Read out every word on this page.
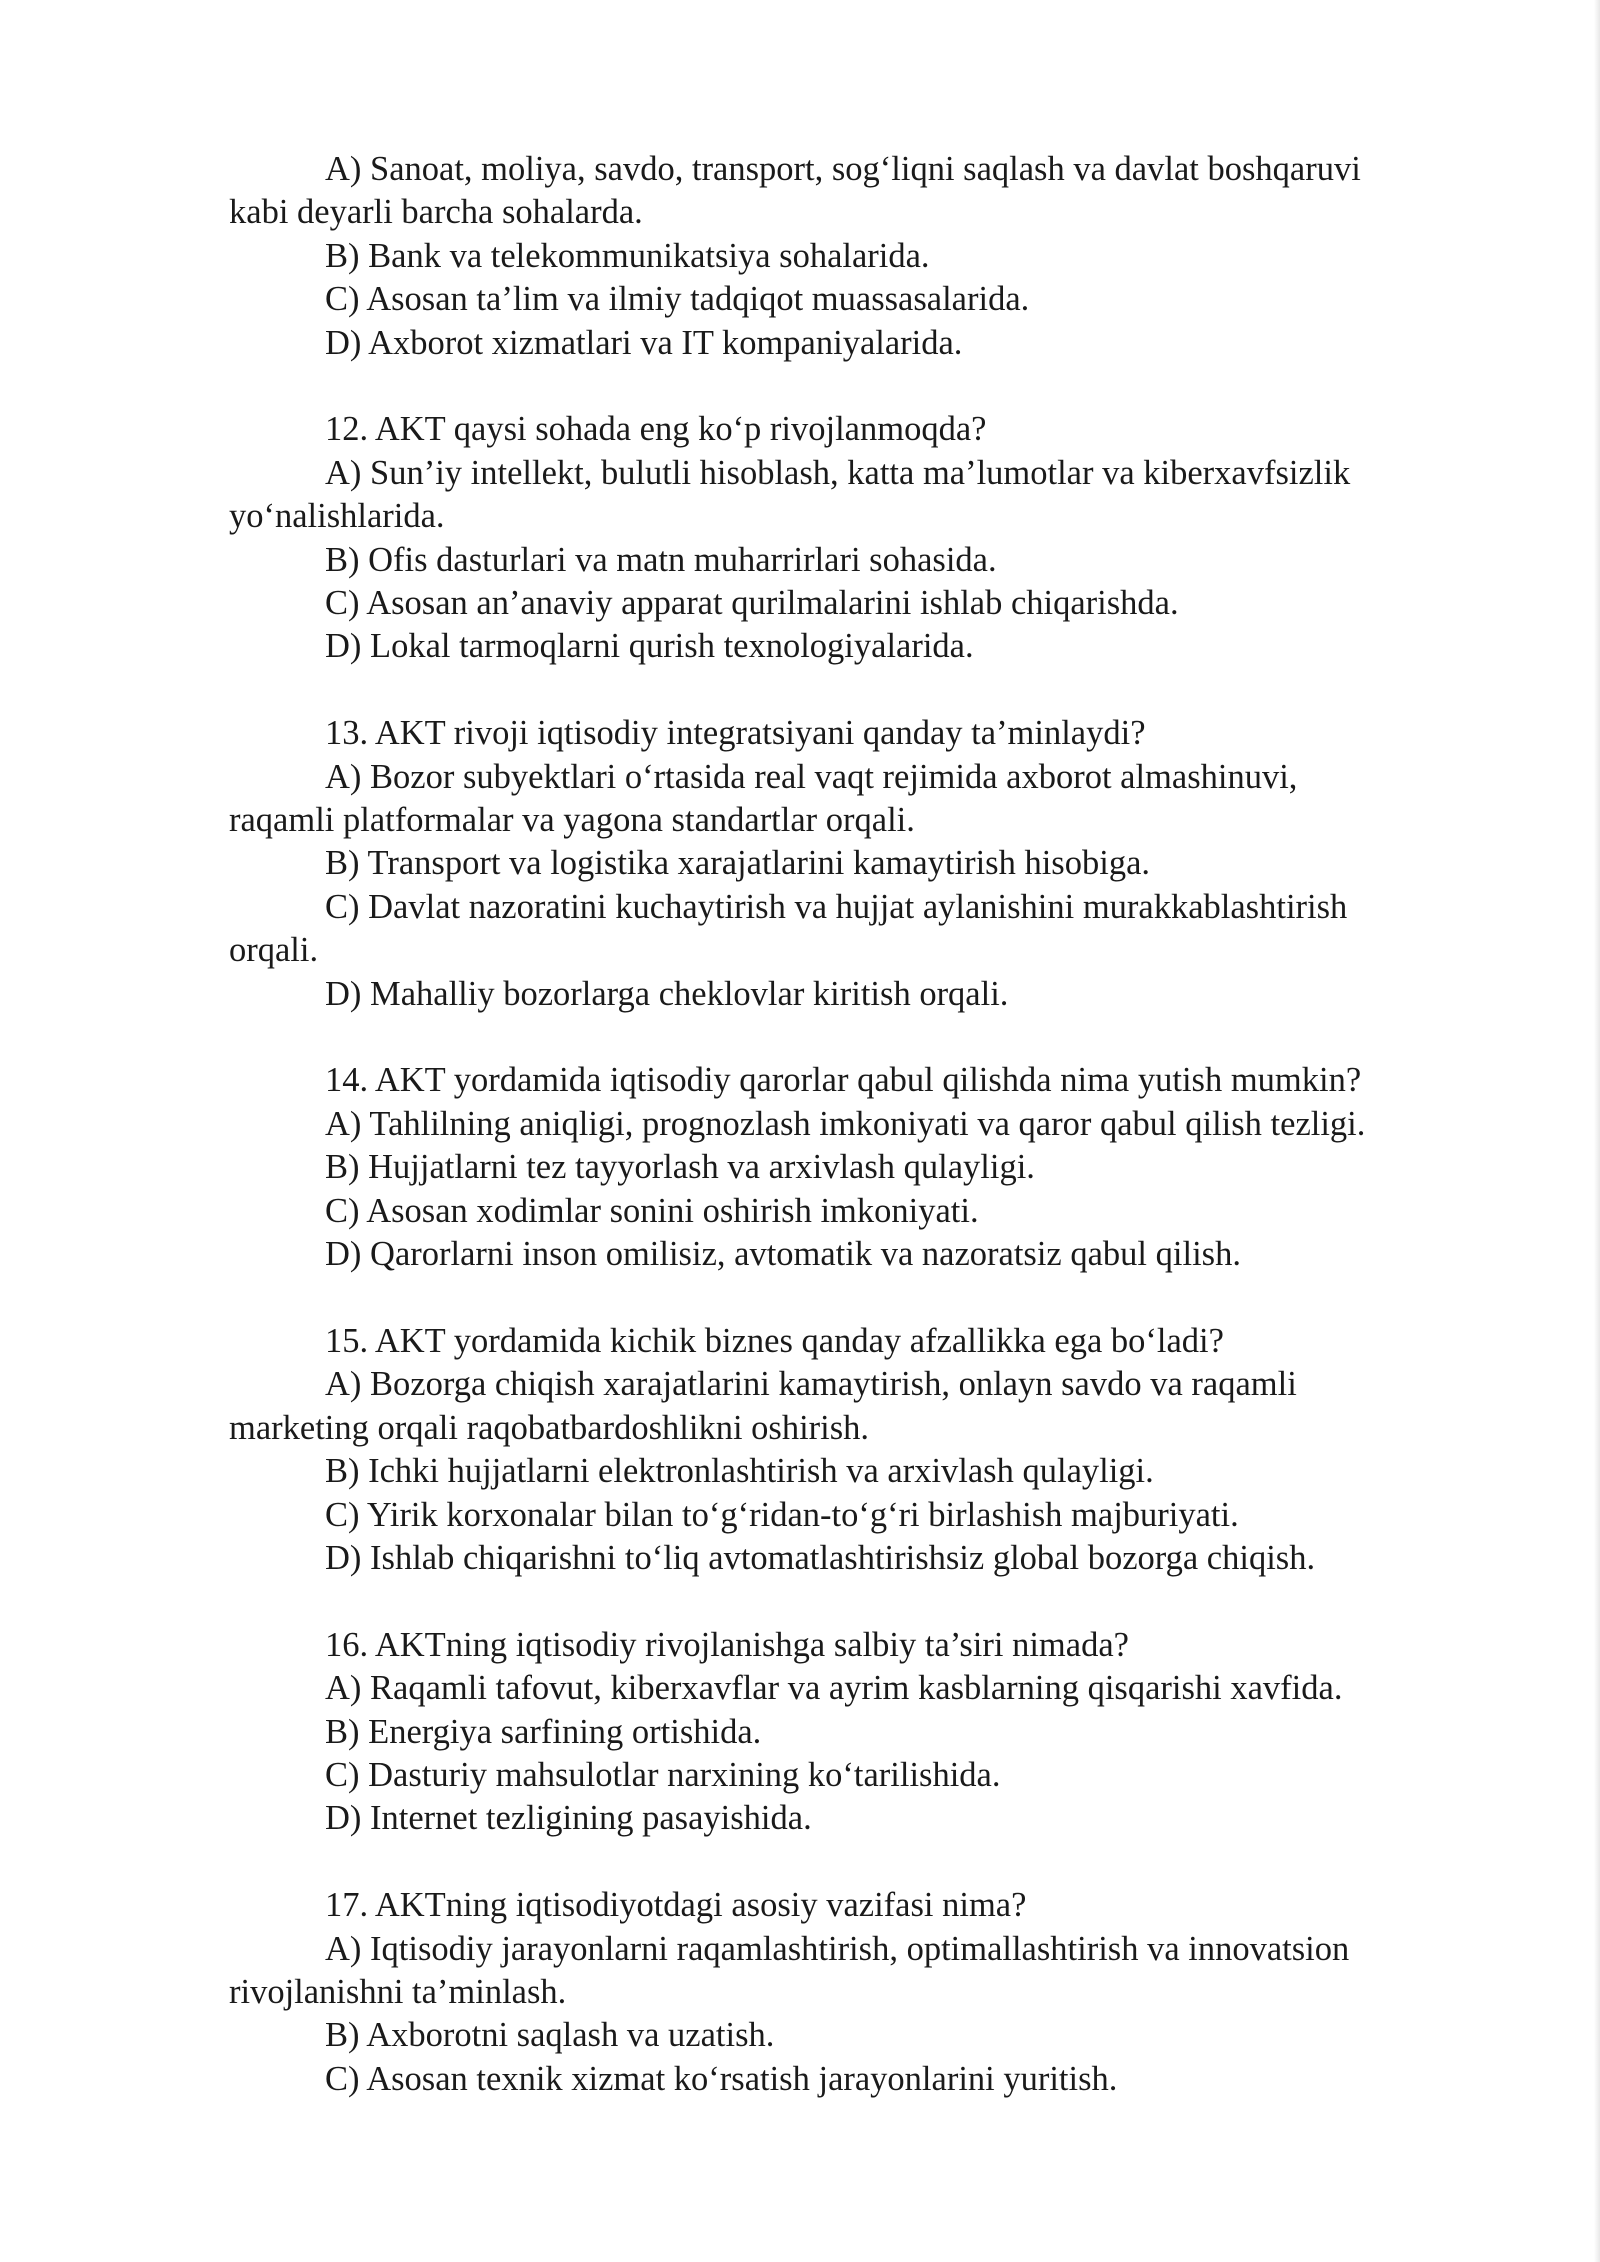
A) Sanoat, moliya, savdo, transport, sog‘liqni saqlash va davlat boshqaruvi

kabi deyarli barcha sohalarda.

B) Bank va telekommunikatsiya sohalarida.

C) Asosan ta’lim va ilmiy tadqiqot muassasalarida.

D) Axborot xizmatlari va IT kompaniyalarida.

12. AKT qaysi sohada eng ko‘p rivojlanmoqda?

A) Sun’iy intellekt, bulutli hisoblash, katta ma’lumotlar va kiberxavfsizlik

yo‘nalishlarida.

B) Ofis dasturlari va matn muharrirlari sohasida.

C) Asosan an’anaviy apparat qurilmalarini ishlab chiqarishda.

D) Lokal tarmoqlarni qurish texnologiyalarida.

13. AKT rivoji iqtisodiy integratsiyani qanday ta’minlaydi?

A) Bozor subyektlari o‘rtasida real vaqt rejimida axborot almashinuvi,

raqamli platformalar va yagona standartlar orqali.

B) Transport va logistika xarajatlarini kamaytirish hisobiga.

C) Davlat nazoratini kuchaytirish va hujjat aylanishini murakkablashtirish

orqali.

D) Mahalliy bozorlarga cheklovlar kiritish orqali.

14. AKT yordamida iqtisodiy qarorlar qabul qilishda nima yutish mumkin?

A) Tahlilning aniqligi, prognozlash imkoniyati va qaror qabul qilish tezligi.

B) Hujjatlarni tez tayyorlash va arxivlash qulayligi.

C) Asosan xodimlar sonini oshirish imkoniyati.

D) Qarorlarni inson omilisiz, avtomatik va nazoratsiz qabul qilish.

15. AKT yordamida kichik biznes qanday afzallikka ega bo‘ladi?

A) Bozorga chiqish xarajatlarini kamaytirish, onlayn savdo va raqamli

marketing orqali raqobatbardoshlikni oshirish.

B) Ichki hujjatlarni elektronlashtirish va arxivlash qulayligi.

C) Yirik korxonalar bilan to‘g‘ridan-to‘g‘ri birlashish majburiyati.

D) Ishlab chiqarishni to‘liq avtomatlashtirishsiz global bozorga chiqish.

16. AKTning iqtisodiy rivojlanishga salbiy ta’siri nimada?

A) Raqamli tafovut, kiberxavflar va ayrim kasblarning qisqarishi xavfida.

B) Energiya sarfining ortishida.

C) Dasturiy mahsulotlar narxining ko‘tarilishida.

D) Internet tezligining pasayishida.

17. AKTning iqtisodiyotdagi asosiy vazifasi nima?

A) Iqtisodiy jarayonlarni raqamlashtirish, optimallashtirish va innovatsion

rivojlanishni ta’minlash.

B) Axborotni saqlash va uzatish.

C) Asosan texnik xizmat ko‘rsatish jarayonlarini yuritish.
